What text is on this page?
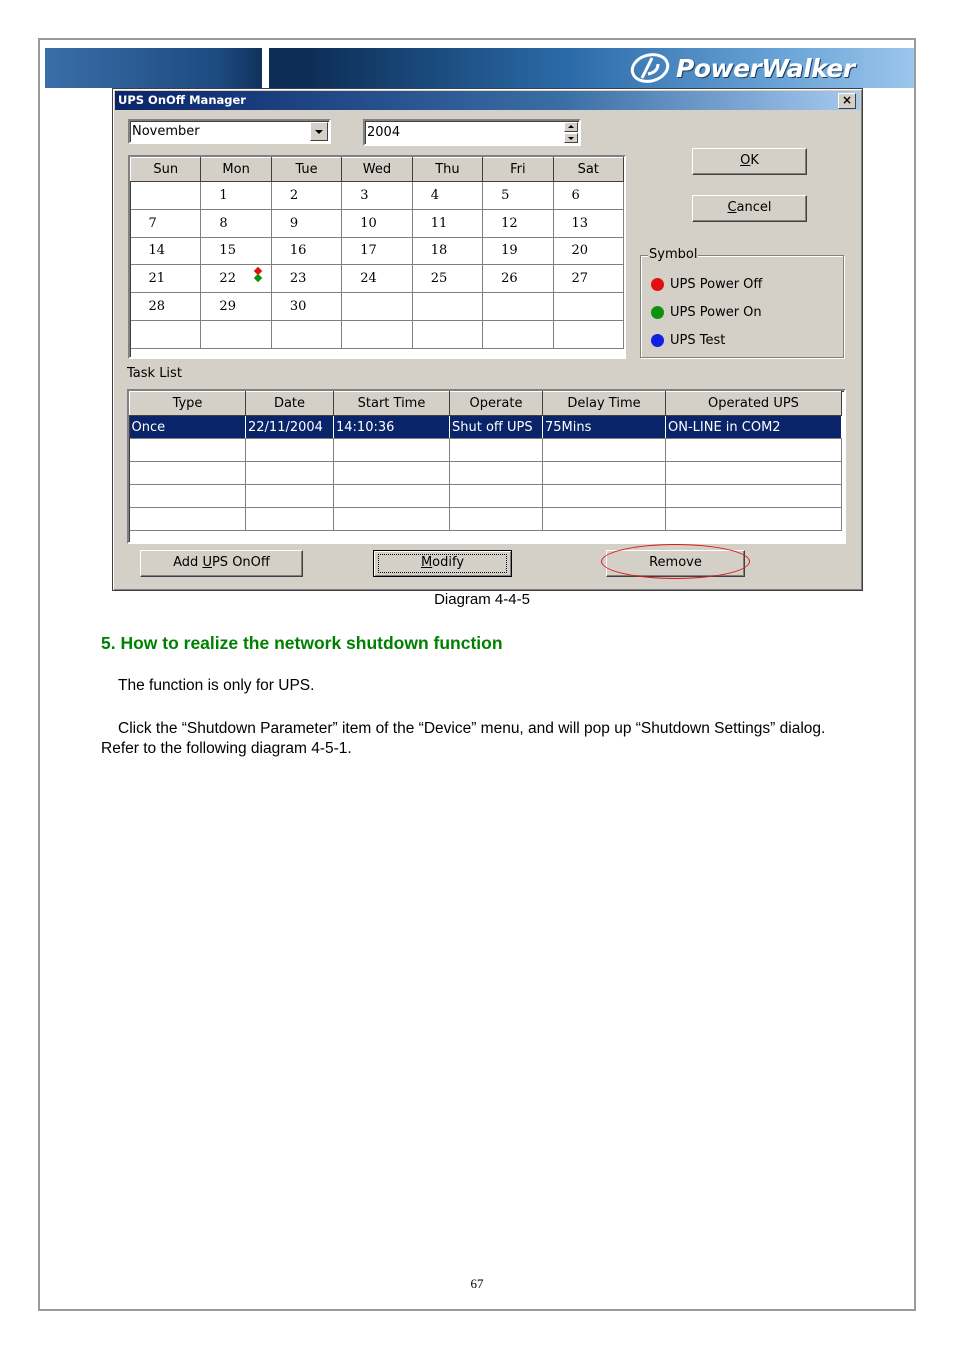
PowerWalker
UPS OnOff Manager	×
November	2004
Sun	Mon	Tue	Wed	Thu	Fri	Sat
	1	2	3	4	5	6
7	8	9	10	11	12	13
14	15	16	17	18	19	20
21	22	23	24	25	26	27
28	29	30				

OK
Cancel
Symbol
UPS Power Off
UPS Power On
UPS Test
Task List
Type	Date	Start Time	Operate	Delay Time	Operated UPS
Once	22/11/2004	14:10:36	Shut off UPS	75Mins	ON-LINE in COM2

Add UPS OnOff	Modify	Remove
Diagram 4-4-5
5. How to realize the network shutdown function
The function is only for UPS.
Click the “Shutdown Parameter” item of the “Device” menu, and will pop up “Shutdown Settings” dialog. Refer to the following diagram 4-5-1.
67
